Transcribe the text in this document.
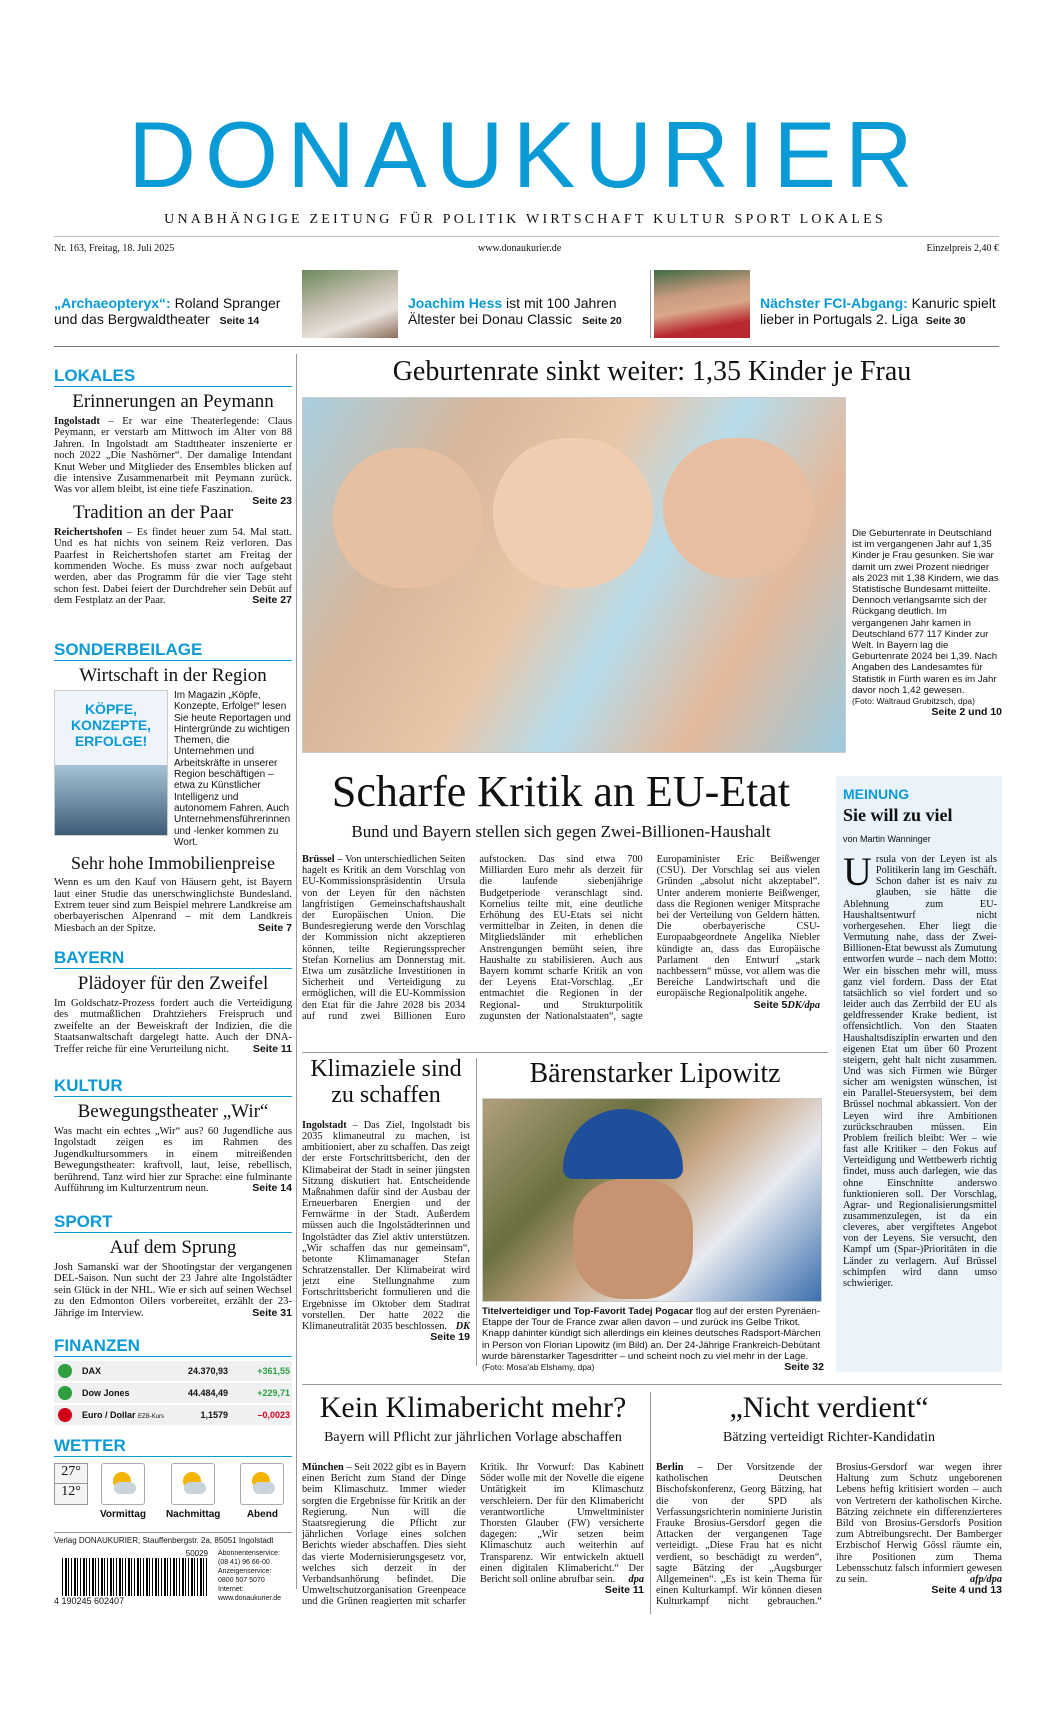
DONAUKURIER
UNABHÄNGIGE ZEITUNG FÜR POLITIK WIRTSCHAFT KULTUR SPORT LOKALES
Nr. 163, Freitag, 18. Juli 2025	www.donaukurier.de	Einzelpreis 2,40 €
„Archaeopteryx“: Roland Spranger und das Bergwaldtheater Seite 14
Joachim Hess ist mit 100 Jahren Ältester bei Donau Classic Seite 20
Nächster FCI-Abgang: Kanuric spielt lieber in Portugals 2. Liga Seite 30
LOKALES
Erinnerungen an Peymann

Ingolstadt – Er war eine Theaterlegende: Claus Peymann, er verstarb am Mittwoch im Alter von 88 Jahren. In Ingolstadt am Stadttheater inszenierte er noch 2022 „Die Nashörner“. Der damalige Intendant Knut Weber und Mitglieder des Ensembles blicken auf die intensive Zusammenarbeit mit Peymann zurück. Was vor allem bleibt, ist eine tiefe Faszination.
Seite 23

Tradition an der Paar

Reichertshofen – Es findet heuer zum 54. Mal statt. Und es hat nichts von seinem Reiz verloren. Das Paarfest in Reichertshofen startet am Freitag der kommenden Woche. Es muss zwar noch aufgebaut werden, aber das Programm für die vier Tage steht schon fest. Dabei feiert der Durchdreher sein Debüt auf dem Festplatz an der Paar.	Seite 27

SONDERBEILAGE
Wirtschaft in der Region
KÖPFE, KONZEPTE, ERFOLGE!

Im Magazin „Köpfe, Konzepte, Erfolge!“ lesen Sie heute Reportagen und Hintergründe zu wichtigen Themen, die Unternehmen und Arbeitskräfte in unserer Region beschäftigen – etwa zu Künstlicher Intelligenz und autonomem Fahren. Auch Unternehmensführerinnen und -lenker kommen zu Wort.

Sehr hohe Immobilienpreise

Wenn es um den Kauf von Häusern geht, ist Bayern laut einer Studie das unerschwinglichste Bundesland. Extrem teuer sind zum Beispiel mehrere Landkreise am oberbayerischen Alpenrand – mit dem Landkreis Miesbach an der Spitze.	Seite 7

BAYERN
Plädoyer für den Zweifel

Im Goldschatz-Prozess fordert auch die Verteidigung des mutmaßlichen Drahtziehers Freispruch und zweifelte an der Beweiskraft der Indizien, die die Staatsanwaltschaft dargelegt hatte. Auch der DNA-Treffer reiche für eine Verurteilung nicht. Seite 11

KULTUR
Bewegungstheater „Wir“

Was macht ein echtes „Wir“ aus? 60 Jugendliche aus Ingolstadt zeigen es im Rahmen des Jugendkultursommers in einem mitreißenden Bewegungstheater: kraftvoll, laut, leise, rebellisch, berührend. Tanz wird hier zur Sprache: eine fulminante Aufführung im Kulturzentrum neun.	Seite 14

SPORT
Auf dem Sprung

Josh Samanski war der Shootingstar der vergangenen DEL-Saison. Nun sucht der 23 Jahre alte Ingolstädter sein Glück in der NHL. Wie er sich auf seinen Wechsel zu den Edmonton Oilers vorbereitet, erzählt der 23-Jährige im Interview.	Seite 31

FINANZEN
DAX	24.370,93	+361,55
Dow Jones	44.484,49	+229,71
Euro / Dollar EZB-Kurs	1,1579	–0,0023
WETTER
27°
12°
Vormittag Nachmittag	Abend
Verlag DONAUKURIER, Stauffenbergstr. 2a, 85051 Ingolstadt
50029
4 190245 602407
Abonnentenservice:
(08 41) 96 66-00
Anzeigenservice:
0800 507 5070
Internet:
www.donaukurier.de
Geburtenrate sinkt weiter: 1,35 Kinder je Frau
Die Geburtenrate in Deutschland ist im vergangenen Jahr auf 1,35 Kinder je Frau gesunken. Sie war damit um zwei Prozent niedriger als 2023 mit 1,38 Kindern, wie das Statistische Bundesamt mitteilte. Dennoch verlangsamte sich der Rückgang deutlich. Im vergangenen Jahr kamen in Deutschland 677 117 Kinder zur Welt. In Bayern lag die Geburtenrate 2024 bei 1,39. Nach Angaben des Landesamtes für Statistik in Fürth waren es im Jahr davor noch 1,42 gewesen.
(Foto: Waltraud Grubitzsch, dpa)
Seite 2 und 10
Scharfe Kritik an EU-Etat
Bund und Bayern stellen sich gegen Zwei-Billionen-Haushalt

Brüssel – Von unterschiedlichen Seiten hagelt es Kritik an dem Vorschlag von EU-Kommissionspräsidentin Ursula von der Leyen für den nächsten langfristigen Gemeinschaftshaushalt der Europäischen Union. Die Bundesregierung werde den Vorschlag der Kommission nicht akzeptieren können, teilte Regierungssprecher Stefan Kornelius am Donnerstag mit. Etwa um zusätzliche Investitionen in Sicherheit und Verteidigung zu ermöglichen, will die EU-Kommission den Etat für die Jahre 2028 bis 2034 auf rund zwei Billionen Euro aufstocken. Das sind etwa 700 Milliarden Euro mehr als derzeit für die laufende siebenjährige Budgetperiode veranschlagt sind. Kornelius teilte mit, eine deutliche Erhöhung des EU-Etats sei nicht vermittelbar in Zeiten, in denen die Mitgliedsländer mit erheblichen Anstrengungen bemüht seien, ihre Haushalte zu stabilisieren. Auch aus Bayern kommt scharfe Kritik an von der Leyens Etat-Vorschlag. „Er entmachtet die Regionen in der Regional- und Strukturpolitik zugunsten der Nationalstaaten“, sagte Europaminister Eric Beißwenger (CSU). Der Vorschlag sei aus vielen Gründen „absolut nicht akzeptabel“. Unter anderem monierte Beißwenger, dass die Regionen weniger Mitsprache bei der Verteilung von Geldern hätten. Die oberbayerische CSU-Europaabgeordnete Angelika Niebler kündigte an, dass das Europäische Parlament den Entwurf „stark nachbessern“ müsse, vor allem was die Bereiche Landwirtschaft und die europäische Regionalpolitik angehe.
DK/dpa

Seite 5

MEINUNG
Sie will zu viel
von Martin Wanninger

Ursula von der Leyen ist als Politikerin lang im Geschäft. Schon daher ist es naiv zu glauben, sie hätte die Ablehnung zum EU-Haushaltsentwurf nicht vorhergesehen. Eher liegt die Vermutung nahe, dass der Zwei-Billionen-Etat bewusst als Zumutung entworfen wurde – nach dem Motto: Wer ein bisschen mehr will, muss ganz viel fordern. Dass der Etat tatsächlich so viel fordert und so leider auch das Zerrbild der EU als geldfressender Krake bedient, ist offensichtlich. Von den Staaten Haushaltsdisziplin erwarten und den eigenen Etat um über 60 Prozent steigern, geht halt nicht zusammen. Und was sich Firmen wie Bürger sicher am wenigsten wünschen, ist ein Parallel-Steuersystem, bei dem Brüssel nochmal abkassiert. Von der Leyen wird ihre Ambitionen zurückschrauben müssen. Ein Problem freilich bleibt: Wer – wie fast alle Kritiker – den Fokus auf Verteidigung und Wettbewerb richtig findet, muss auch darlegen, wie das ohne Einschnitte anderswo funktionieren soll. Der Vorschlag, Agrar- und Regionalisierungsmittel zusammenzulegen, ist da ein cleveres, aber vergiftetes Angebot von der Leyens. Sie versucht, den Kampf um (Spar-)Prioritäten in die Länder zu verlagern. Auf Brüssel schimpfen wird dann umso schwieriger.

Klimaziele sind zu schaffen

Ingolstadt – Das Ziel, Ingolstadt bis 2035 klimaneutral zu machen, ist ambitioniert, aber zu schaffen. Das zeigt der erste Fortschrittsbericht, den der Klimabeirat der Stadt in seiner jüngsten Sitzung diskutiert hat. Entscheidende Maßnahmen dafür sind der Ausbau der Erneuerbaren Energien und der Fernwärme in der Stadt. Außerdem müssen auch die Ingolstädterinnen und Ingolstädter das Ziel aktiv unterstützen. „Wir schaffen das nur gemeinsam“, betonte Klimamanager Stefan Schratzenstaller. Der Klimabeirat wird jetzt eine Stellungnahme zum Fortschrittsbericht formulieren und die Ergebnisse im Oktober dem Stadtrat vorstellen. Der hatte 2022 die Klimaneutralität 2035 beschlossen. DK

Seite 19

Bärenstarker Lipowitz
Titelverteidiger und Top-Favorit Tadej Pogacar flog auf der ersten Pyrenäen-Etappe der Tour de France zwar allen davon – und zurück ins Gelbe Trikot. Knapp dahinter kündigt sich allerdings ein kleines deutsches Radsport-Märchen in Person von Florian Lipowitz (im Bild) an. Der 24-Jährige Frankreich-Debütant wurde bärenstarker Tagesdritter – und scheint noch zu viel mehr in der Lage. (Foto: Mosa'ab Elshamy, dpa)	Seite 32
Kein Klimabericht mehr?
Bayern will Pflicht zur jährlichen Vorlage abschaffen

München – Seit 2022 gibt es in Bayern einen Bericht zum Stand der Dinge beim Klimaschutz. Immer wieder sorgten die Ergebnisse für Kritik an der Regierung. Nun will die Staatsregierung die Pflicht zur jährlichen Vorlage eines solchen Berichts wieder abschaffen. Dies sieht das vierte Modernisierungsgesetz vor, welches sich derzeit in der Verbandsanhörung befindet. Die Umweltschutzorganisation Greenpeace und die Grünen reagierten mit scharfer Kritik. Ihr Vorwurf: Das Kabinett Söder wolle mit der Novelle die eigene Untätigkeit im Klimaschutz verschleiern. Der für den Klimabericht verantwortliche Umweltminister Thorsten Glauber (FW) versicherte dagegen: „Wir setzen beim Klimaschutz auch weiterhin auf Transparenz. Wir entwickeln aktuell einen digitalen Klimabericht.“ Der Bericht soll online abrufbar sein. dpa

Seite 11

„Nicht verdient“
Bätzing verteidigt Richter-Kandidatin

Berlin – Der Vorsitzende der katholischen Deutschen Bischofskonferenz, Georg Bätzing, hat die von der SPD als Verfassungsrichterin nominierte Juristin Frauke Brosius-Gersdorf gegen die Attacken der vergangenen Tage verteidigt. „Diese Frau hat es nicht verdient, so beschädigt zu werden“, sagte Bätzing der „Augsburger Allgemeinen“. „Es ist kein Thema für einen Kulturkampf. Wir können diesen Kulturkampf nicht gebrauchen.“ Brosius-Gersdorf war wegen ihrer Haltung zum Schutz ungeborenen Lebens heftig kritisiert worden – auch von Vertretern der katholischen Kirche. Bätzing zeichnete ein differenzierteres Bild von Brosius-Gersdorfs Position zum Abtreibungsrecht. Der Bamberger Erzbischof Herwig Gössl räumte ein, ihre Positionen zum Thema Lebensschutz falsch informiert gewesen zu sein.	afp/dpa

Seite 4 und 13
